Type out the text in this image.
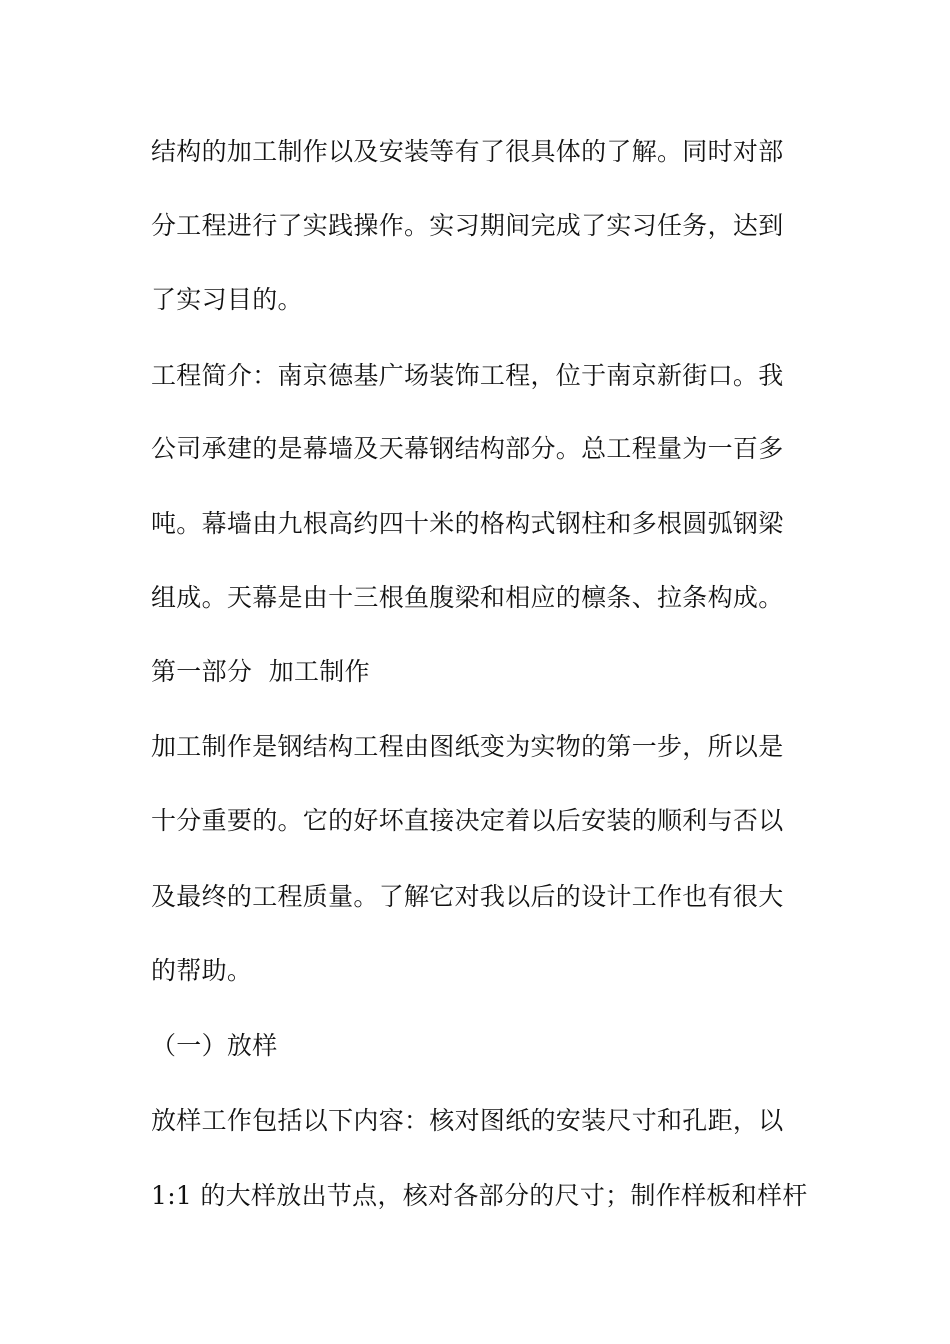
结构的加工制作以及安装等有了很具体的了解。同时对部
分工程进行了实践操作。实习期间完成了实习任务，达到
了实习目的。
工程简介：南京德基广场装饰工程，位于南京新街口。我
公司承建的是幕墙及天幕钢结构部分。总工程量为一百多
吨。幕墙由九根高约四十米的格构式钢柱和多根圆弧钢梁
组成。天幕是由十三根鱼腹梁和相应的檩条、拉条构成。
第一部分  加工制作
加工制作是钢结构工程由图纸变为实物的第一步，所以是
十分重要的。它的好坏直接决定着以后安装的顺利与否以
及最终的工程质量。了解它对我以后的设计工作也有很大
的帮助。
（一）放样
放样工作包括以下内容：核对图纸的安装尺寸和孔距，以
1:1 的大样放出节点，核对各部分的尺寸；制作样板和样杆
